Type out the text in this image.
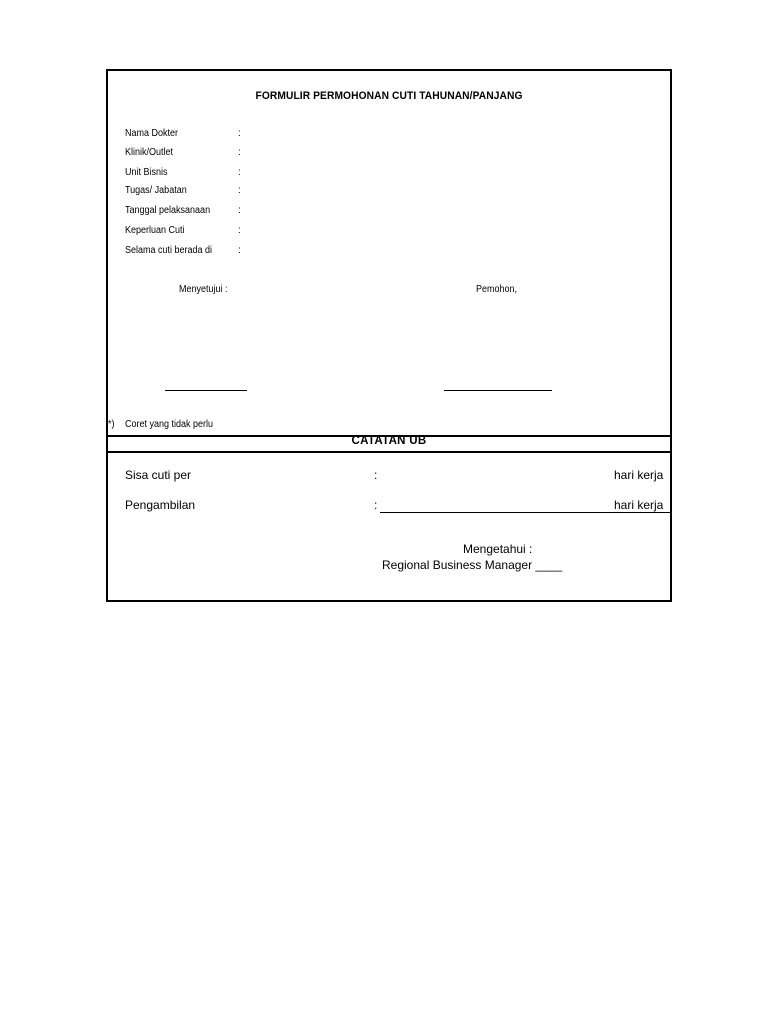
FORMULIR PERMOHONAN CUTI TAHUNAN/PANJANG
Nama Dokter	:
Klinik/Outlet	:
Unit Bisnis	:
Tugas/ Jabatan	:
Tanggal pelaksanaan	:
Keperluan Cuti	:
Selama cuti berada di	:
Menyetujui :	Pemohon,
*) Coret yang tidak perlu
CATATAN UB
Sisa cuti per	:	hari kerja
Pengambilan	:	hari kerja
Mengetahui :
Regional Business Manager ____
